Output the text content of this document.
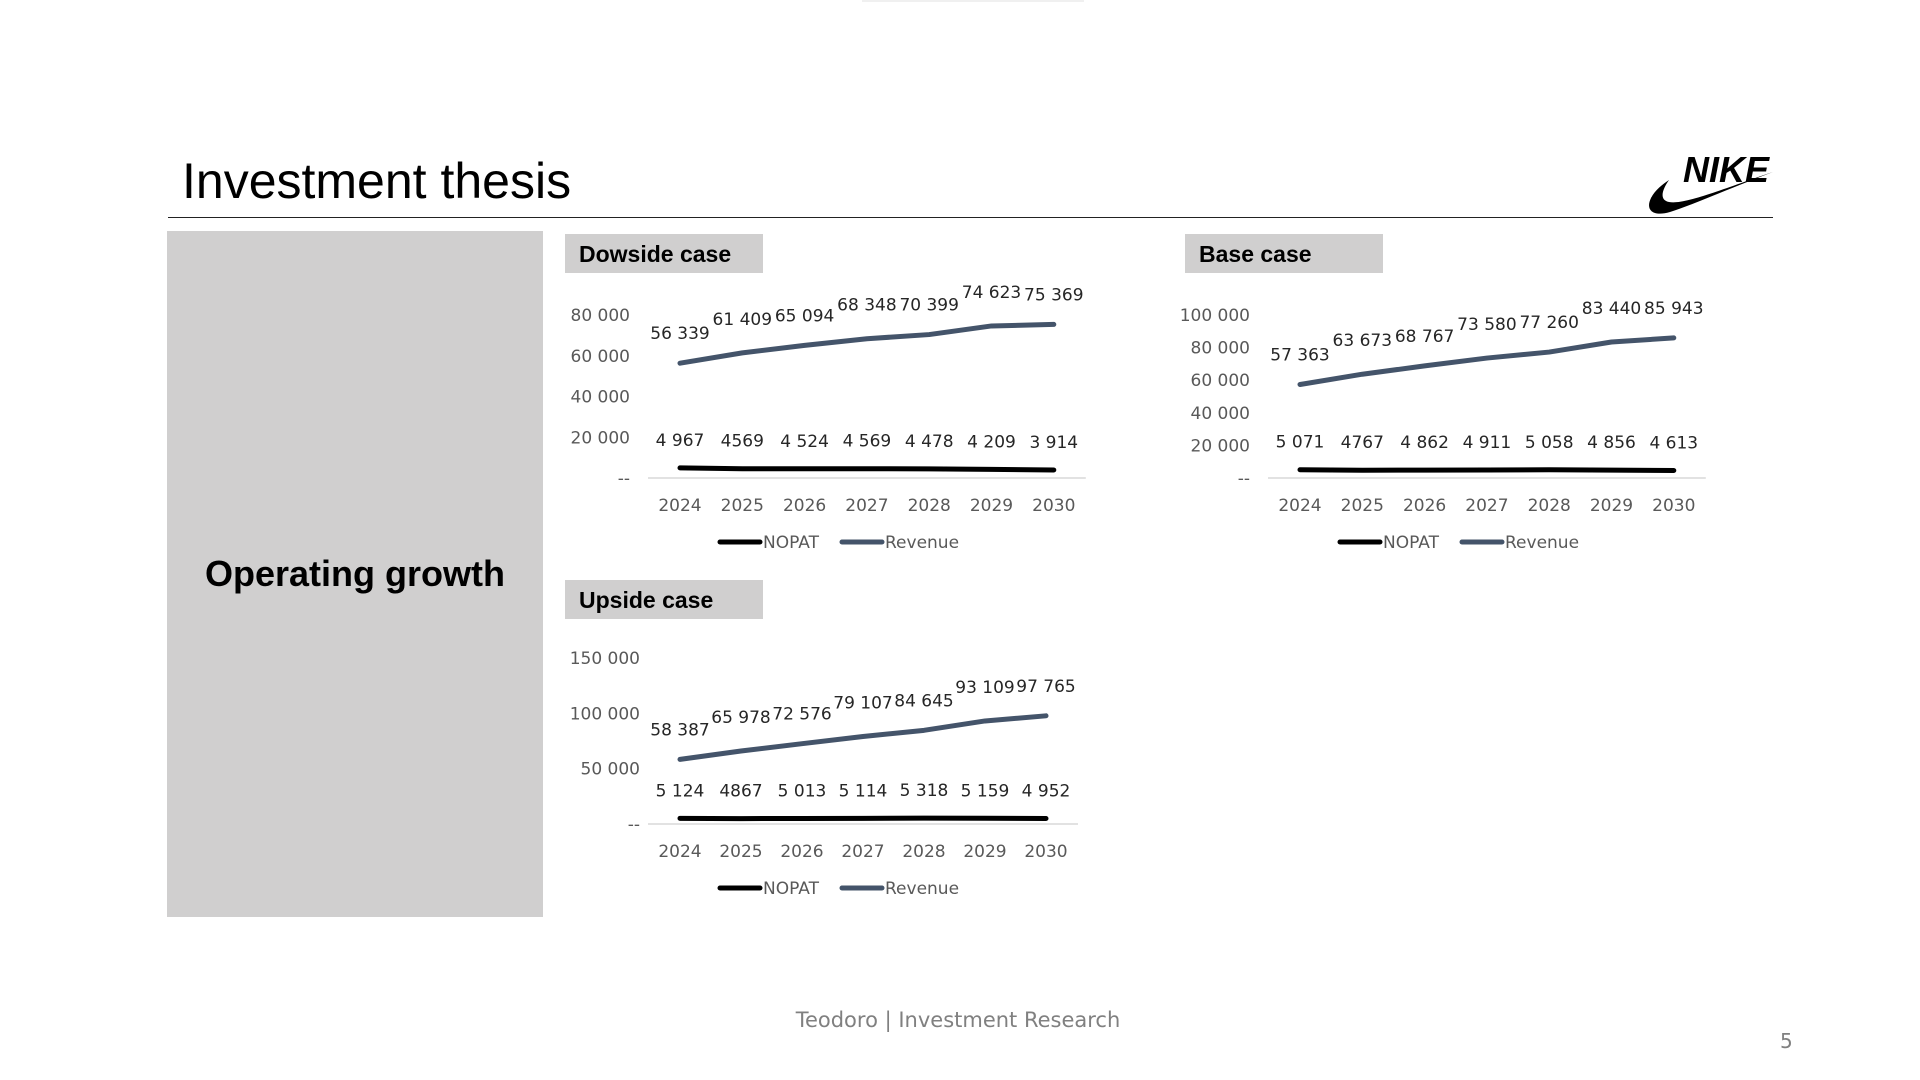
Investment thesis	NIKE
Operating growth
Dowside case	Base case
Upside case
--
20 000
40 000
60 000
80 000
2024 2025 2026 2027 2028 2029 2030
4 967 4569 4 524 4 569 4 478 4 209 3 914
56 339
61 409 65 094
68 348 70 399
74 623 75 369
NOPAT	Revenue
--
20 000
40 000
60 000
80 000
100 000
2024 2025 2026 2027 2028 2029 2030
5 071 4767 4 862 4 911 5 058 4 856 4 613
57 363
63 673 68 767
73 580 77 260
83 440 85 943
NOPAT	Revenue
--
50 000
100 000
150 000
2024 2025 2026 2027 2028 2029 2030
5 124 4867 5 013 5 114 5 318 5 159 4 952
58 387
65 978 72 576
79 107 84 645
93 109 97 765
NOPAT	Revenue
Teodoro | Investment Research
5
